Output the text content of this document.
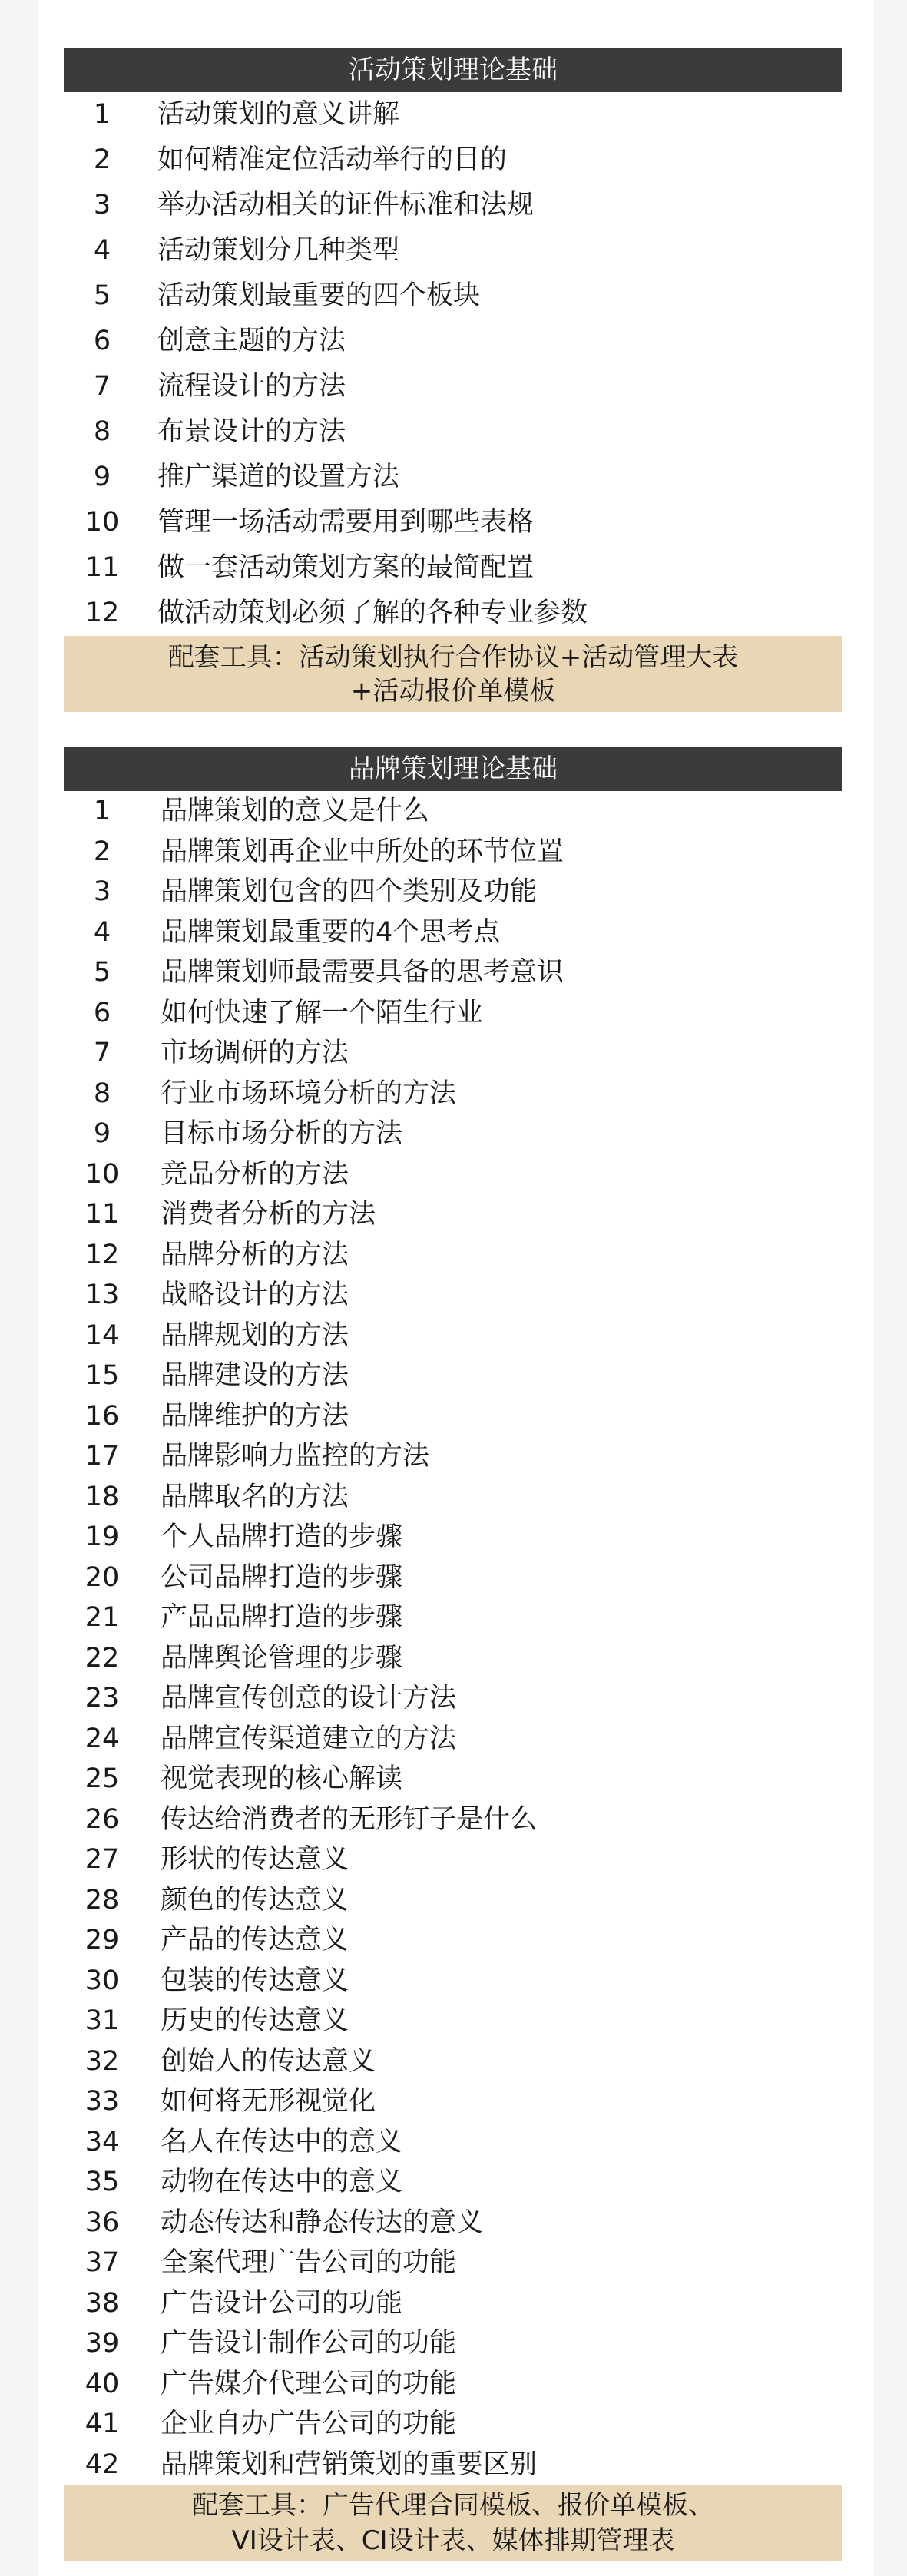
活动策划理论基础
1	活动策划的意义讲解
2	如何精准定位活动举行的目的
3	举办活动相关的证件标准和法规
4	活动策划分几种类型
5	活动策划最重要的四个板块
6	创意主题的方法
7	流程设计的方法
8	布景设计的方法
9	推广渠道的设置方法
10	管理一场活动需要用到哪些表格
11	做一套活动策划方案的最简配置
12	做活动策划必须了解的各种专业参数
配套工具：活动策划执行合作协议+活动管理大表
+活动报价单模板
品牌策划理论基础
1	品牌策划的意义是什么
2	品牌策划再企业中所处的环节位置
3	品牌策划包含的四个类别及功能
4	品牌策划最重要的4个思考点
5	品牌策划师最需要具备的思考意识
6	如何快速了解一个陌生行业
7	市场调研的方法
8	行业市场环境分析的方法
9	目标市场分析的方法
10	竞品分析的方法
11	消费者分析的方法
12	品牌分析的方法
13	战略设计的方法
14	品牌规划的方法
15	品牌建设的方法
16	品牌维护的方法
17	品牌影响力监控的方法
18	品牌取名的方法
19	个人品牌打造的步骤
20	公司品牌打造的步骤
21	产品品牌打造的步骤
22	品牌舆论管理的步骤
23	品牌宣传创意的设计方法
24	品牌宣传渠道建立的方法
25	视觉表现的核心解读
26	传达给消费者的无形钉子是什么
27	形状的传达意义
28	颜色的传达意义
29	产品的传达意义
30	包装的传达意义
31	历史的传达意义
32	创始人的传达意义
33	如何将无形视觉化
34	名人在传达中的意义
35	动物在传达中的意义
36	动态传达和静态传达的意义
37	全案代理广告公司的功能
38	广告设计公司的功能
39	广告设计制作公司的功能
40	广告媒介代理公司的功能
41	企业自办广告公司的功能
42	品牌策划和营销策划的重要区别
配套工具：广告代理合同模板、报价单模板、
VI设计表、CI设计表、媒体排期管理表
